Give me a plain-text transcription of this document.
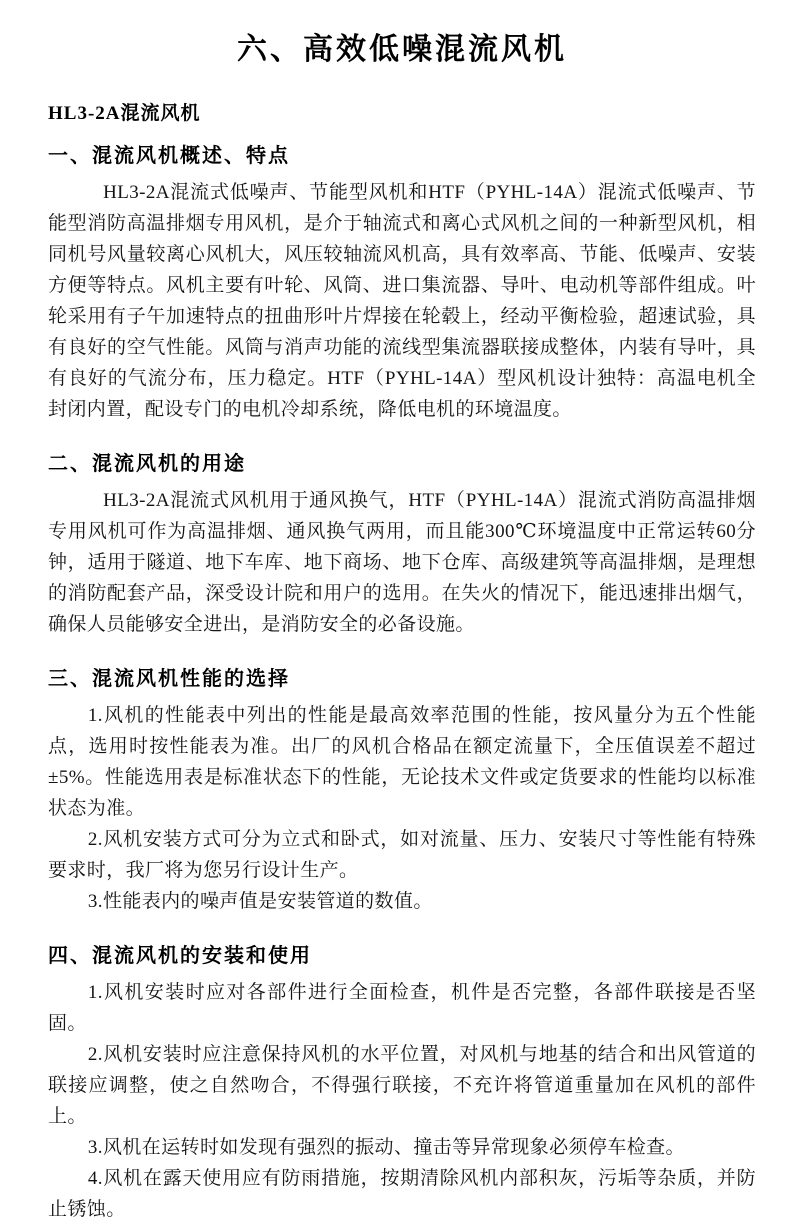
六、高效低噪混流风机
HL3-2A混流风机
一、混流风机概述、特点

HL3-2A混流式低噪声、节能型风机和HTF（PYHL-14A）混流式低噪声、节能型消防高温排烟专用风机，是介于轴流式和离心式风机之间的一种新型风机，相同机号风量较离心风机大，风压较轴流风机高，具有效率高、节能、低噪声、安装方便等特点。风机主要有叶轮、风筒、进口集流器、导叶、电动机等部件组成。叶轮采用有子午加速特点的扭曲形叶片焊接在轮毂上，经动平衡检验，超速试验，具有良好的空气性能。风筒与消声功能的流线型集流器联接成整体，内装有导叶，具有良好的气流分布，压力稳定。HTF（PYHL-14A）型风机设计独特：高温电机全封闭内置，配设专门的电机冷却系统，降低电机的环境温度。

二、混流风机的用途

HL3-2A混流式风机用于通风换气，HTF（PYHL-14A）混流式消防高温排烟专用风机可作为高温排烟、通风换气两用，而且能300℃环境温度中正常运转60分钟，适用于隧道、地下车库、地下商场、地下仓库、高级建筑等高温排烟，是理想的消防配套产品，深受设计院和用户的选用。在失火的情况下，能迅速排出烟气，确保人员能够安全进出，是消防安全的必备设施。

三、混流风机性能的选择

1.风机的性能表中列出的性能是最高效率范围的性能，按风量分为五个性能点，选用时按性能表为准。出厂的风机合格品在额定流量下，全压值误差不超过±5%。性能选用表是标准状态下的性能，无论技术文件或定货要求的性能均以标准状态为准。

2.风机安装方式可分为立式和卧式，如对流量、压力、安装尺寸等性能有特殊要求时，我厂将为您另行设计生产。

3.性能表内的噪声值是安装管道的数值。

四、混流风机的安装和使用

1.风机安装时应对各部件进行全面检查，机件是否完整，各部件联接是否坚固。

2.风机安装时应注意保持风机的水平位置，对风机与地基的结合和出风管道的联接应调整，使之自然吻合，不得强行联接，不充许将管道重量加在风机的部件上。

3.风机在运转时如发现有强烈的振动、撞击等异常现象必须停车检查。

4.风机在露天使用应有防雨措施，按期清除风机内部积灰，污垢等杂质，并防止锈蚀。
